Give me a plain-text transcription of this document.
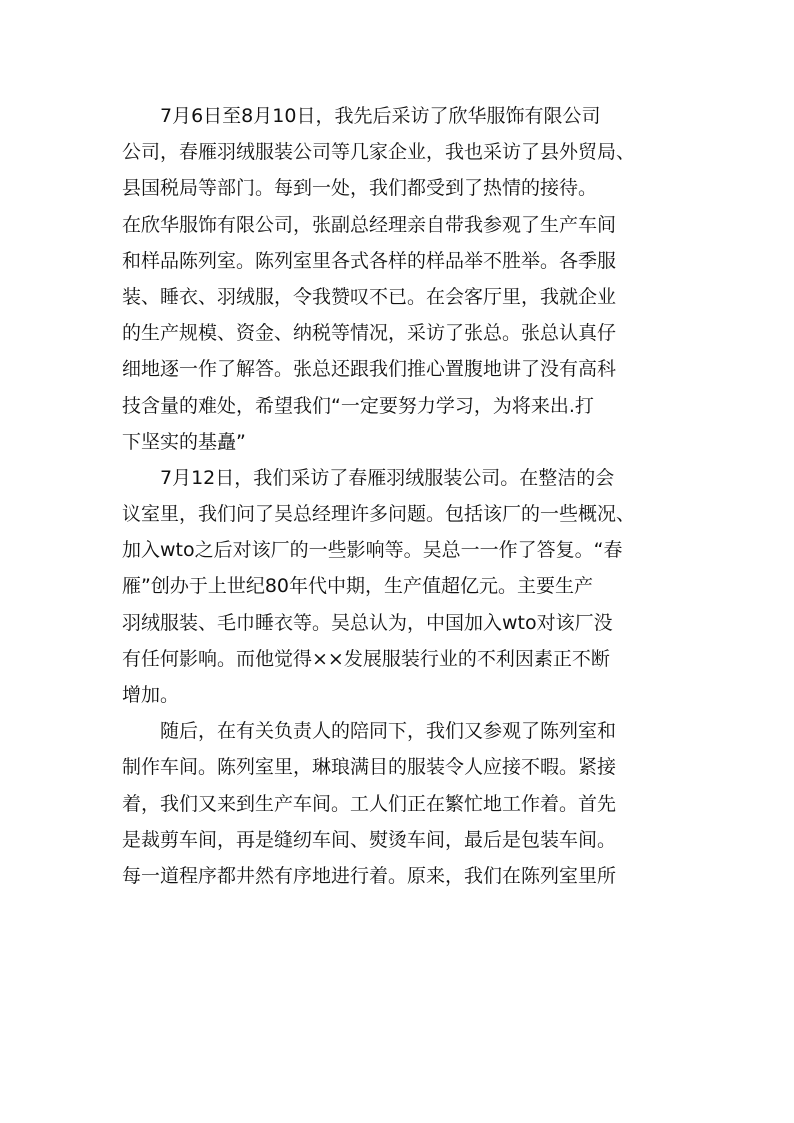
7月6日至8月10日，我先后采访了欣华服饰有限公司
公司，春雁羽绒服装公司等几家企业，我也采访了县外贸局、
县国税局等部门。每到一处，我们都受到了热情的接待。
在欣华服饰有限公司，张副总经理亲自带我参观了生产车间
和样品陈列室。陈列室里各式各样的样品举不胜举。各季服
装、睡衣、羽绒服，令我赞叹不已。在会客厅里，我就企业
的生产规模、资金、纳税等情况，采访了张总。张总认真仔
细地逐一作了解答。张总还跟我们推心置腹地讲了没有高科
技含量的难处，希望我们“一定要努力学习，为将来出.打
下坚实的基矗”
7月12日，我们采访了春雁羽绒服装公司。在整洁的会
议室里，我们问了吴总经理许多问题。包括该厂的一些概况、
加入wto之后对该厂的一些影响等。吴总一一作了答复。“春
雁”创办于上世纪80年代中期，生产值超亿元。主要生产
羽绒服装、毛巾睡衣等。吴总认为，中国加入wto对该厂没
有任何影响。而他觉得××发展服装行业的不利因素正不断
增加。
随后，在有关负责人的陪同下，我们又参观了陈列室和
制作车间。陈列室里，琳琅满目的服装令人应接不暇。紧接
着，我们又来到生产车间。工人们正在繁忙地工作着。首先
是裁剪车间，再是缝纫车间、熨烫车间，最后是包装车间。
每一道程序都井然有序地进行着。原来，我们在陈列室里所
